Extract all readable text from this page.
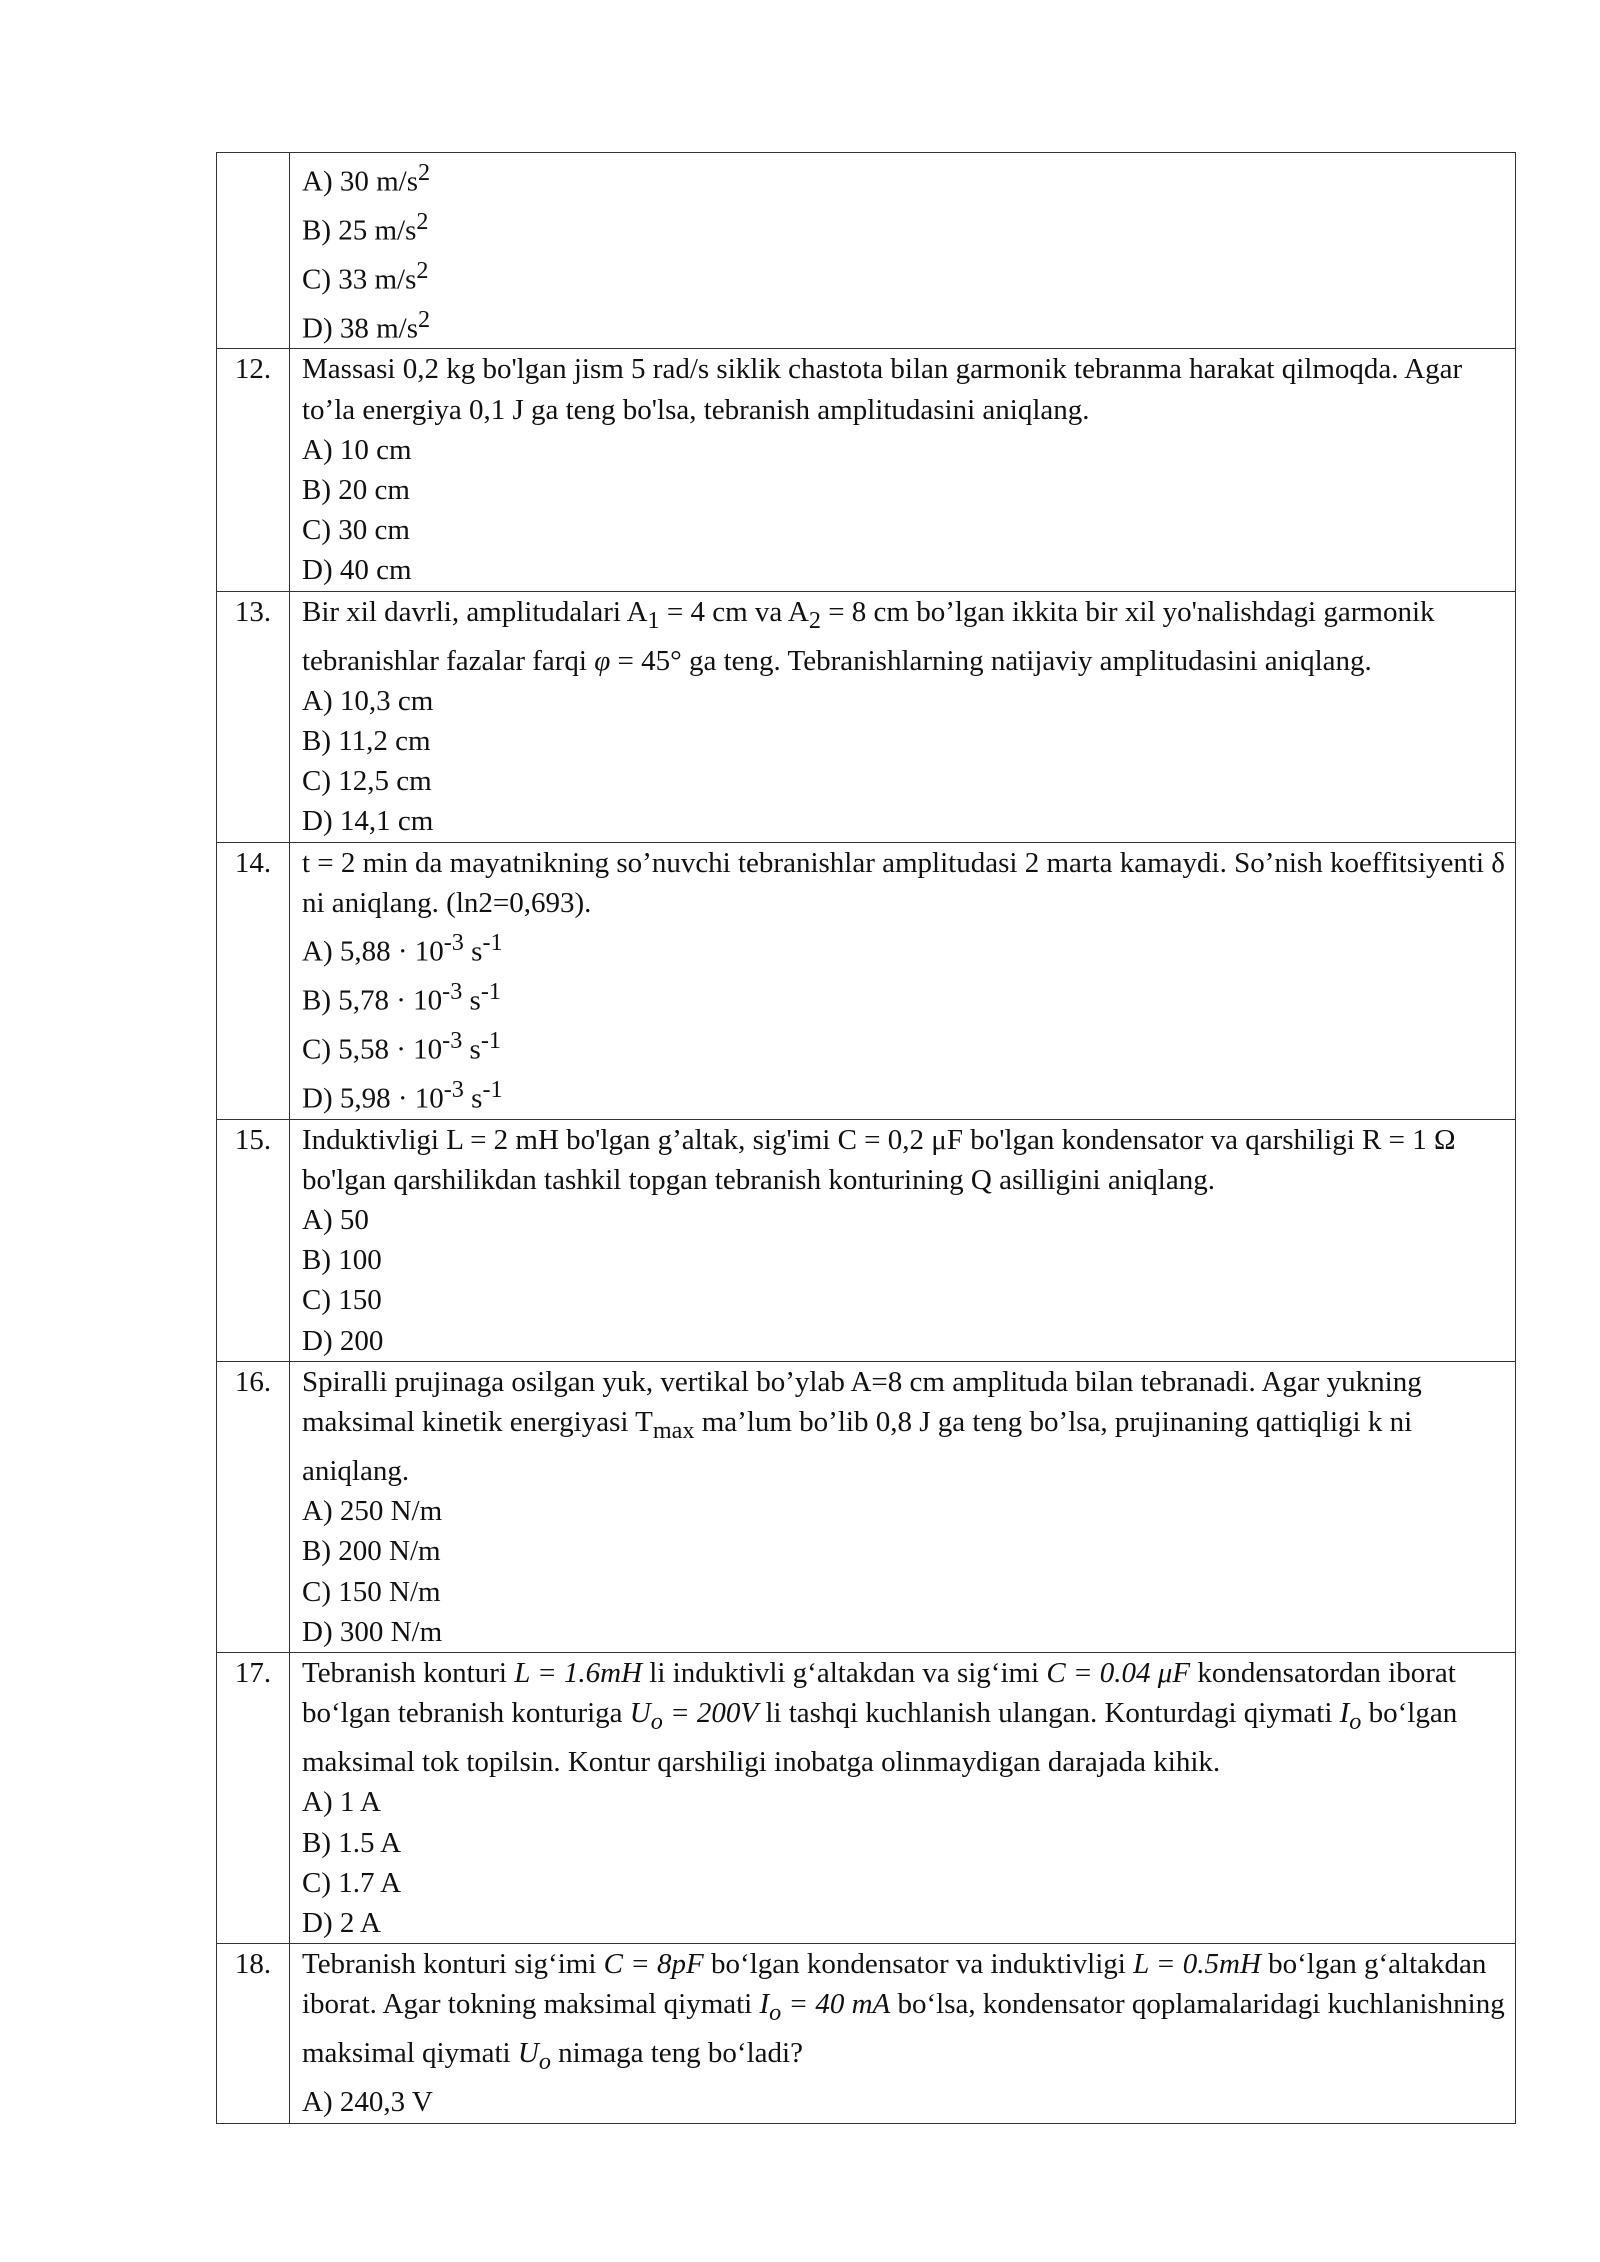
	A) 30 $m/s^2$
B) 25 $m/s^2$
C) 33 $m/s^2$
D) 38 $m/s^2$

12.	Massasi 0,2 kg bo'lgan jism 5 rad/s siklik chastota bilan garmonik tebranma harakat qilmoqda. Agar to’la energiya 0,1 J ga teng bo'lsa, tebranish amplitudasini aniqlang.
A) 10 cm
B) 20 cm
C) 30 cm
D) 40 cm

13.	Bir xil davrli, amplitudalari $A_1 = 4$ cm va $A_2 = 8$ cm bo’lgan ikkita bir xil yo'nalishdagi garmonik tebranishlar fazalar farqi φ = 45° ga teng. Tebranishlarning natijaviy amplitudasini aniqlang.
A) 10,3 cm
B) 11,2 cm
C) 12,5 cm
D) 14,1 cm

14.	t = 2 min da mayatnikning so’nuvchi tebranishlar amplitudasi 2 marta kamaydi. So’nish koeffitsiyenti δ ni aniqlang. (ln2=0,693).
A) $5,88 \cdot 10^{-3}$ $s^{-1}$
B) $5,78 \cdot 10^{-3}$ $s^{-1}$
C) $5,58 \cdot 10^{-3}$ $s^{-1}$
D) $5,98 \cdot 10^{-3}$ $s^{-1}$

15.	Induktivligi L = 2 mH bo'lgan g’altak, sig'imi C = 0,2 μF bo'lgan kondensator va qarshiligi R = 1 Ω bo'lgan qarshilikdan tashkil topgan tebranish konturining Q asilligini aniqlang.
A) 50
B) 100
C) 150
D) 200

16.	Spiralli prujinaga osilgan yuk, vertikal bo’ylab A=8 cm amplituda bilan tebranadi. Agar yukning maksimal kinetik energiyasi $T_{max}$ ma’lum bo’lib 0,8 J ga teng bo’lsa, prujinaning qattiqligi k ni aniqlang.
A) 250 N/m
B) 200 N/m
C) 150 N/m
D) 300 N/m

17.	Tebranish konturi L = 1.6mH li induktivli g‘altakdan va sig‘imi C = 0.04 μF kondensatordan iborat bo‘lgan tebranish konturiga $U_o = 200V$ li tashqi kuchlanish ulangan. Konturdagi qiymati $I_o$ bo‘lgan maksimal tok topilsin. Kontur qarshiligi inobatga olinmaydigan darajada kihik.
A) 1 A
B) 1.5 A
C) 1.7 A
D) 2 A

18.	Tebranish konturi sig‘imi C = 8pF bo‘lgan kondensator va induktivligi L = 0.5mH bo‘lgan g‘altakdan iborat. Agar tokning maksimal qiymati $I_o = 40$ mA bo‘lsa, kondensator qoplamalaridagi kuchlanishning maksimal qiymati $U_o$ nimaga teng bo‘ladi?
A) 240,3 V
